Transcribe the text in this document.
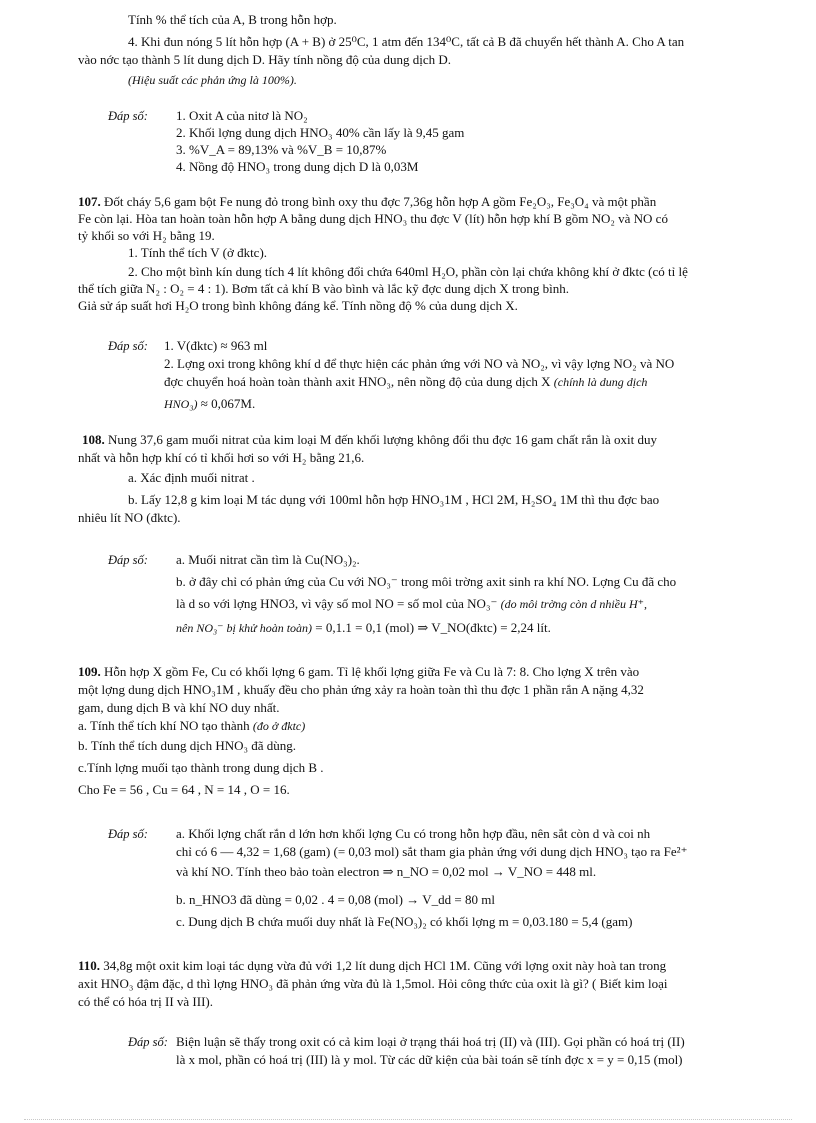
Tính % thể tích của A, B trong hỗn hợp.
4. Khi đun nóng 5 lít hỗn hợp (A + B) ở 25⁰C, 1 atm đến 134⁰C, tất cả B đã chuyển hết thành A. Cho A tan
vào nớc tạo thành 5 lít dung dịch D. Hãy tính nồng độ của dung dịch D.
(Hiệu suất các phản ứng là 100%).
Đáp số: 1. Oxit A của nitơ là NO₂
2. Khối lợng dung dịch HNO₃ 40% cần lấy là 9,45 gam
3. %V_A = 89,13% và %V_B = 10,87%
4. Nồng độ HNO₃ trong dung dịch D là 0,03M
107. Đốt cháy 5,6 gam bột Fe nung đỏ trong bình oxy thu đợc 7,36g hỗn hợp A gồm Fe₂O₃, Fe₃O₄ và một phần
Fe còn lại. Hòa tan hoàn toàn hỗn hợp A bằng dung dịch HNO₃ thu đợc V (lít) hỗn hợp khí B gồm NO₂ và NO có
tỷ khối so với H₂ bằng 19.
1. Tính thể tích V (ở đktc).
2. Cho một bình kín dung tích 4 lít không đổi chứa 640ml H₂O, phần còn lại chứa không khí ở đktc (có tỉ lệ
thể tích giữa N₂ : O₂ = 4 : 1). Bơm tất cả khí B vào bình và lắc kỹ đợc dung dịch X trong bình.
Giả sử áp suất hơi H₂O trong bình không đáng kể. Tính nồng độ % của dung dịch X.
Đáp số: 1. V(đktc) ≈ 963 ml
2. Lợng oxi trong không khí d để thực hiện các phản ứng với NO và NO₂, vì vậy lợng NO₂ và NO
đợc chuyển hoá hoàn toàn thành axit HNO₃, nên nồng độ của dung dịch X (chính là dung dịch
HNO₃) ≈ 0,067M.
108. Nung 37,6 gam muối nitrat của kim loại M đến khối lượng không đổi thu đợc 16 gam chất rắn là oxit duy
nhất và hỗn hợp khí có tỉ khối hơi so với H₂ bằng 21,6.
a. Xác định muối nitrat .
b. Lấy 12,8 g kim loại M tác dụng với 100ml hỗn hợp HNO₃1M , HCl 2M, H₂SO₄ 1M thì thu đợc bao
nhiêu lít NO (đktc).
Đáp số: a. Muối nitrat cần tìm là Cu(NO₃)₂.
b. ở đây chỉ có phản ứng của Cu với NO₃⁻ trong môi trờng axit sinh ra khí NO. Lợng Cu đã cho
là d so với lợng HNO3, vì vậy số mol NO = số mol của NO₃⁻ (do môi trờng còn d nhiều H⁺,
nên NO₃⁻ bị khử hoàn toàn) = 0,1.1 = 0,1 (mol) ⇒ V_NO(đktc) = 2,24 lít.
109. Hỗn hợp X gồm Fe, Cu có khối lợng 6 gam. Tỉ lệ khối lợng giữa Fe và Cu là 7: 8. Cho lợng X trên vào
một lợng dung dịch HNO₃1M , khuấy đều cho phản ứng xảy ra hoàn toàn thì thu đợc 1 phần rắn A nặng 4,32
gam, dung dịch B và khí NO duy nhất.
a. Tính thể tích khí NO tạo thành (đo ở đktc)
b. Tính thể tích dung dịch HNO₃ đã dùng.
c.Tính lợng muối tạo thành trong dung dịch B .
Cho Fe = 56 , Cu = 64 , N = 14 , O = 16.
Đáp số: a. Khối lợng chất rắn d lớn hơn khối lợng Cu có trong hỗn hợp đầu, nên sắt còn d và coi nh
chỉ có 6 — 4,32 = 1,68 (gam) (= 0,03 mol) sắt tham gia phản ứng với dung dịch HNO₃ tạo ra Fe²⁺
và khí NO. Tính theo bảo toàn electron ⇒ n_NO = 0,02 mol → V_NO = 448 ml.
b. n_HNO3 đã dùng = 0,02 . 4 = 0,08 (mol) → V_dd = 80 ml
c. Dung dịch B chứa muối duy nhất là Fe(NO₃)₂ có khối lợng m = 0,03.180 = 5,4 (gam)
110. 34,8g một oxit kim loại tác dụng vừa đủ với 1,2 lít dung dịch HCl 1M. Cũng với lợng oxit này hoà tan trong
axit HNO₃ đậm đặc, d thì lợng HNO₃ đã phản ứng vừa đủ là 1,5mol. Hỏi công thức của oxit là gì? ( Biết kim loại
có thể có hóa trị II và III).
Đáp số: Biện luận sẽ thấy trong oxit có cả kim loại ở trạng thái hoá trị (II) và (III). Gọi phần có hoá trị (II)
là x mol, phần có hoá trị (III) là y mol. Từ các dữ kiện của bài toán sẽ tính đợc x = y = 0,15 (mol)
